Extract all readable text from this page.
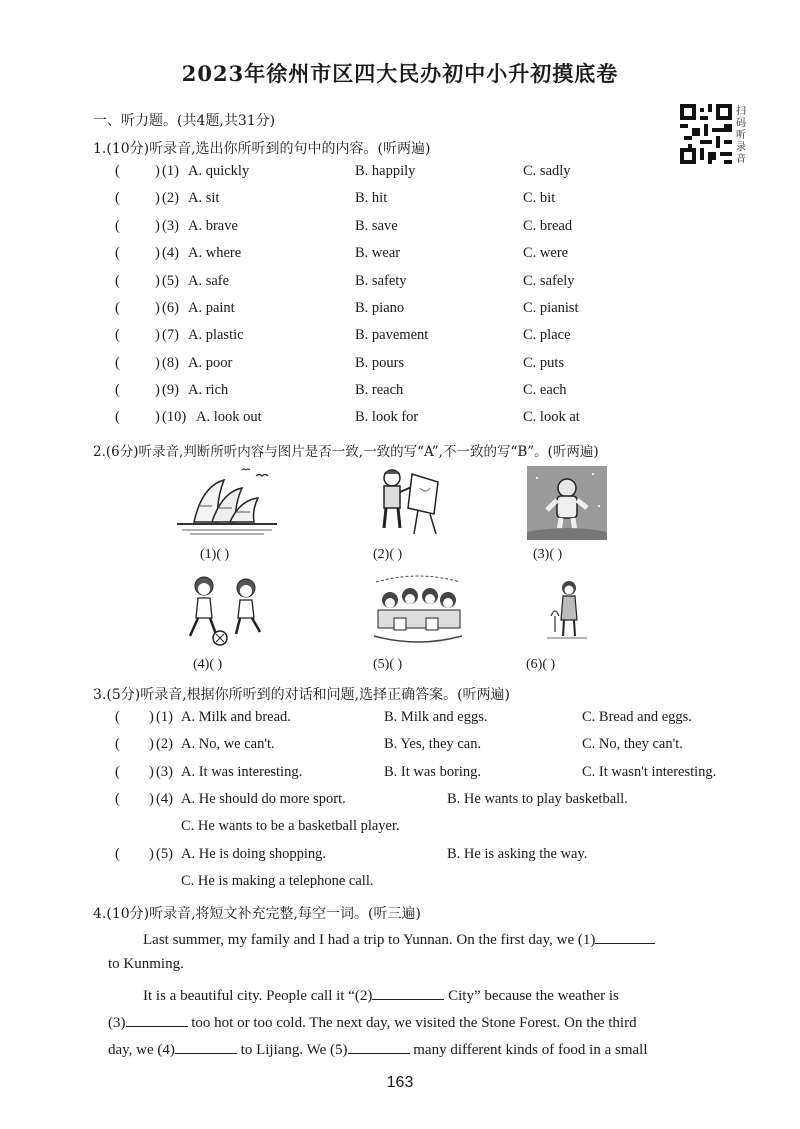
2023年徐州市区四大民办初中小升初摸底卷
扫码听录音
一、听力题。(共4题,共31分)
1.(10分)听录音,选出你所听到的句中的内容。(听两遍)
( ) (1) A. quickly	B. happily	C. sadly
( ) (2) A. sit	B. hit	C. bit
( ) (3) A. brave	B. save	C. bread
( ) (4) A. where	B. wear	C. were
( ) (5) A. safe	B. safety	C. safely
( ) (6) A. paint	B. piano	C. pianist
( ) (7) A. plastic	B. pavement	C. place
( ) (8) A. poor	B. pours	C. puts
( ) (9) A. rich	B. reach	C. each
( ) (10) A. look out	B. look for	C. look at
2.(6分)听录音,判断所听内容与图片是否一致,一致的写“A”,不一致的写“B”。(听两遍)
(1)( )	(2)( )	(3)( )
(4)( )	(5)( )	(6)( )
3.(5分)听录音,根据你所听到的对话和问题,选择正确答案。(听两遍)
( ) (1) A. Milk and bread.	B. Milk and eggs.	C. Bread and eggs.
( ) (2) A. No, we can't.	B. Yes, they can.	C. No, they can't.
( ) (3) A. It was interesting.	B. It was boring.	C. It wasn't interesting.
( ) (4) A. He should do more sport.	B. He wants to play basketball.
C. He wants to be a basketball player.
( ) (5) A. He is doing shopping.	B. He is asking the way.
C. He is making a telephone call.
4.(10分)听录音,将短文补充完整,每空一词。(听三遍)
Last summer, my family and I had a trip to Yunnan. On the first day, we (1)
to Kunming.
It is a beautiful city. People call it “(2)	City” because the weather is
(3)	too hot or too cold. The next day, we visited the Stone Forest. On the third
day, we (4)	to Lijiang. We (5)	many different kinds of food in a small
163
